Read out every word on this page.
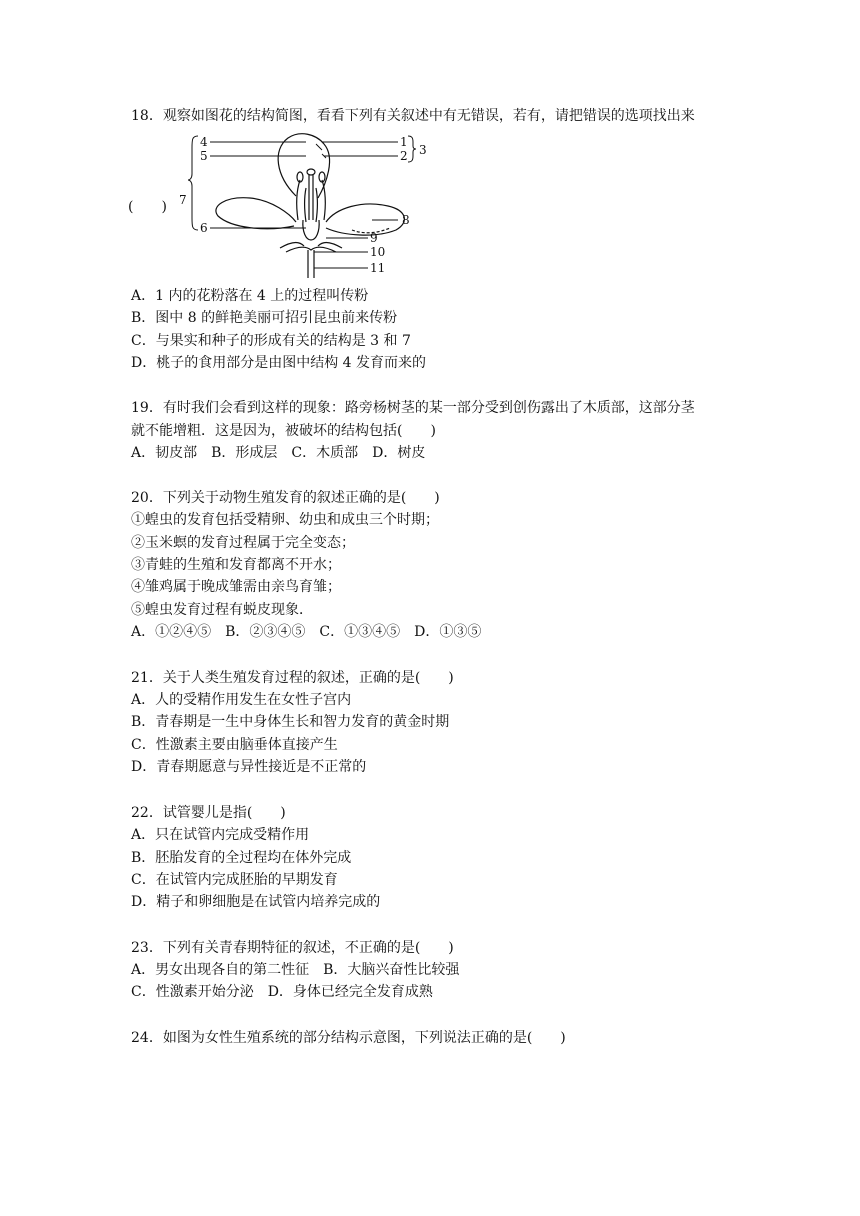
18．观察如图花的结构简图，看看下列有关叙述中有无错误，若有，请把错误的选项找出来
(　　)
4
5
6
7
1
2 3
8
9
10
11
A．1 内的花粉落在 4 上的过程叫传粉
B．图中 8 的鲜艳美丽可招引昆虫前来传粉
C．与果实和种子的形成有关的结构是 3 和 7
D．桃子的食用部分是由图中结构 4 发育而来的
19．有时我们会看到这样的现象：路旁杨树茎的某一部分受到创伤露出了木质部，这部分茎
就不能增粗．这是因为，被破坏的结构包括(　　)
A．韧皮部　B．形成层　C．木质部　D．树皮
20．下列关于动物生殖发育的叙述正确的是(　　)
①蝗虫的发育包括受精卵、幼虫和成虫三个时期；
②玉米螟的发育过程属于完全变态；
③青蛙的生殖和发育都离不开水；
④雏鸡属于晚成雏需由亲鸟育雏；
⑤蝗虫发育过程有蜕皮现象．
A．①②④⑤　B．②③④⑤　C．①③④⑤　D．①③⑤
21．关于人类生殖发育过程的叙述，正确的是(　　)
A．人的受精作用发生在女性子宫内
B．青春期是一生中身体生长和智力发育的黄金时期
C．性激素主要由脑垂体直接产生
D．青春期愿意与异性接近是不正常的
22．试管婴儿是指(　　)
A．只在试管内完成受精作用
B．胚胎发育的全过程均在体外完成
C．在试管内完成胚胎的早期发育
D．精子和卵细胞是在试管内培养完成的
23．下列有关青春期特征的叙述，不正确的是(　　)
A．男女出现各自的第二性征　B．大脑兴奋性比较强
C．性激素开始分泌　D．身体已经完全发育成熟
24．如图为女性生殖系统的部分结构示意图，下列说法正确的是(　　)
